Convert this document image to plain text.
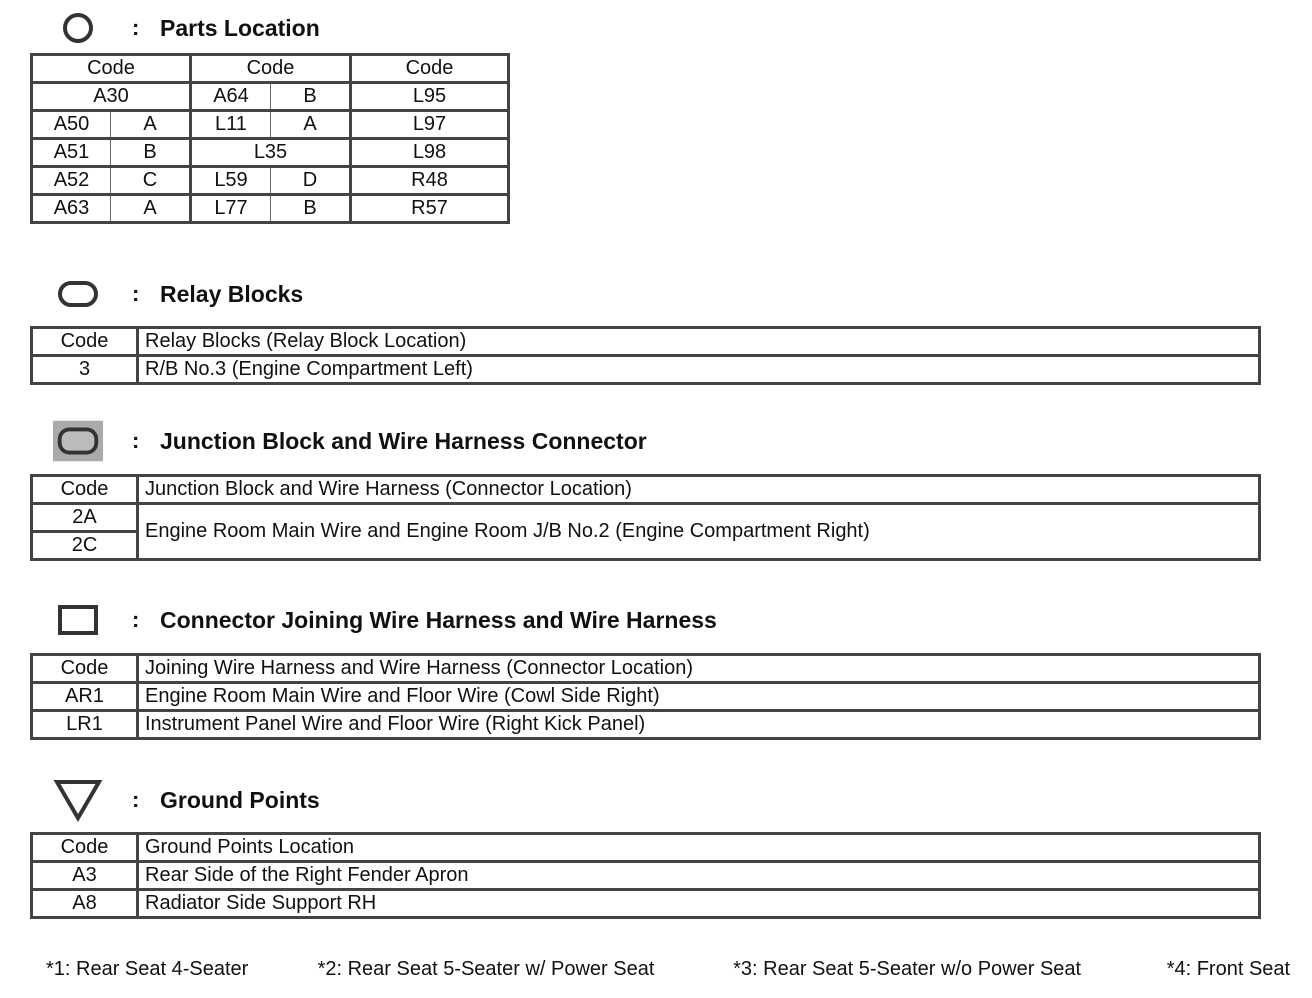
: Parts Location
Code		Code		Code
A30		A64	B	L95
A50	A	L11	A	L97
A51	B	L35		L98
A52	C	L59	D	R48
A63	A	L77	B	R57
: Relay Blocks
Code	Relay Blocks (Relay Block Location)
3	R/B No.3 (Engine Compartment Left)
: Junction Block and Wire Harness Connector
Code	Junction Block and Wire Harness (Connector Location)
2A	Engine Room Main Wire and Engine Room J/B No.2 (Engine Compartment Right)
2C	
: Connector Joining Wire Harness and Wire Harness
Code	Joining Wire Harness and Wire Harness (Connector Location)
AR1	Engine Room Main Wire and Floor Wire (Cowl Side Right)
LR1	Instrument Panel Wire and Floor Wire (Right Kick Panel)
: Ground Points
Code	Ground Points Location
A3	Rear Side of the Right Fender Apron
A8	Radiator Side Support RH
*1: Rear Seat 4-Seater	*2: Rear Seat 5-Seater w/ Power Seat	*3: Rear Seat 5-Seater w/o Power Seat	*4: Front Seat
